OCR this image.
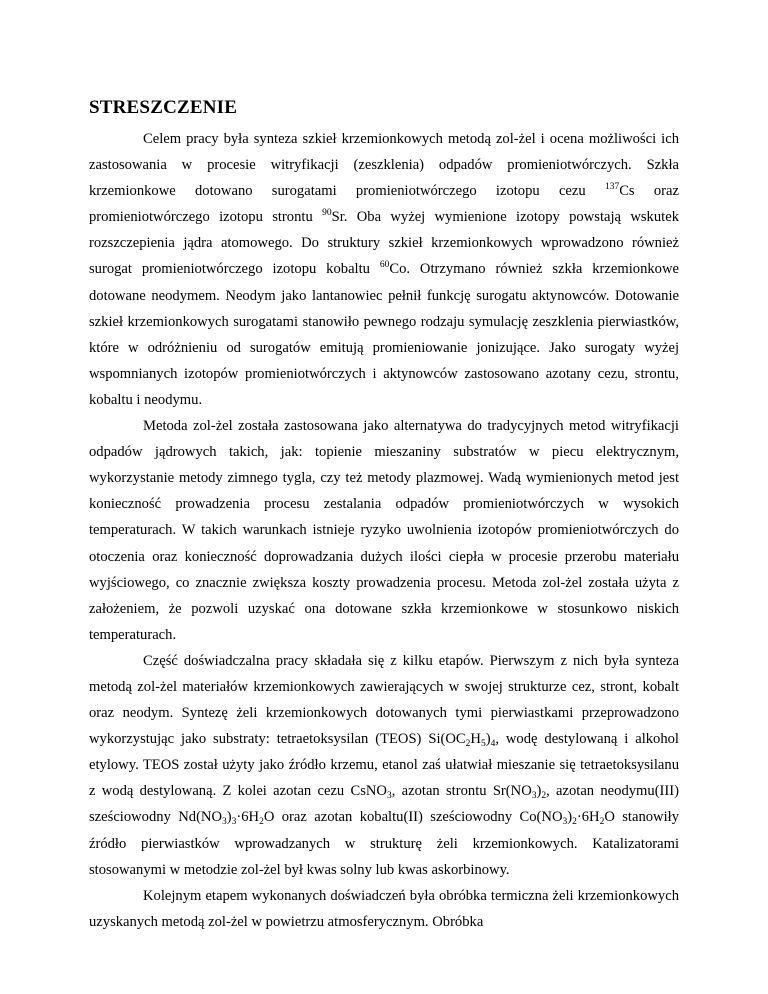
STRESZCZENIE

Celem pracy była synteza szkieł krzemionkowych metodą zol-żel i ocena możliwości ich zastosowania w procesie witryfikacji (zeszklenia) odpadów promieniotwórczych. Szkła krzemionkowe dotowano surogatami promieniotwórczego izotopu cezu $^{137}$Cs oraz promieniotwórczego izotopu strontu $^{90}$Sr. Oba wyżej wymienione izotopy powstają wskutek rozszczepienia jądra atomowego. Do struktury szkieł krzemionkowych wprowadzono również surogat promieniotwórczego izotopu kobaltu $^{60}$Co. Otrzymano również szkła krzemionkowe dotowane neodymem. Neodym jako lantanowiec pełnił funkcję surogatu aktynowców. Dotowanie szkieł krzemionkowych surogatami stanowiło pewnego rodzaju symulację zeszklenia pierwiastków, które w odróżnieniu od surogatów emitują promieniowanie jonizujące. Jako surogaty wyżej wspomnianych izotopów promieniotwórczych i aktynowców zastosowano azotany cezu, strontu, kobaltu i neodymu.

Metoda zol-żel została zastosowana jako alternatywa do tradycyjnych metod witryfikacji odpadów jądrowych takich, jak: topienie mieszaniny substratów w piecu elektrycznym, wykorzystanie metody zimnego tygla, czy też metody plazmowej. Wadą wymienionych metod jest konieczność prowadzenia procesu zestalania odpadów promieniotwórczych w wysokich temperaturach. W takich warunkach istnieje ryzyko uwolnienia izotopów promieniotwórczych do otoczenia oraz konieczność doprowadzania dużych ilości ciepła w procesie przerobu materiału wyjściowego, co znacznie zwiększa koszty prowadzenia procesu. Metoda zol-żel została użyta z założeniem, że pozwoli uzyskać ona dotowane szkła krzemionkowe w stosunkowo niskich temperaturach.

Część doświadczalna pracy składała się z kilku etapów. Pierwszym z nich była synteza metodą zol-żel materiałów krzemionkowych zawierających w swojej strukturze cez, stront, kobalt oraz neodym. Syntezę żeli krzemionkowych dotowanych tymi pierwiastkami przeprowadzono wykorzystując jako substraty: tetraetoksysilan (TEOS) $Si(OC_2H_5)_4$, wodę destylowaną i alkohol etylowy. TEOS został użyty jako źródło krzemu, etanol zaś ułatwiał mieszanie się tetraetoksysilanu z wodą destylowaną. Z kolei azotan cezu CsNO$_3$, azotan strontu $Sr(NO_3)_2$, azotan neodymu(III) sześciowodny $Nd(NO_3)_3\cdot 6H_2O$ oraz azotan kobaltu(II) sześciowodny $Co(NO_3)_2\cdot 6H_2O$ stanowiły źródło pierwiastków wprowadzanych w strukturę żeli krzemionkowych. Katalizatorami stosowanymi w metodzie zol-żel był kwas solny lub kwas askorbinowy.

Kolejnym etapem wykonanych doświadczeń była obróbka termiczna żeli krzemionkowych uzyskanych metodą zol-żel w powietrzu atmosferycznym. Obróbka
